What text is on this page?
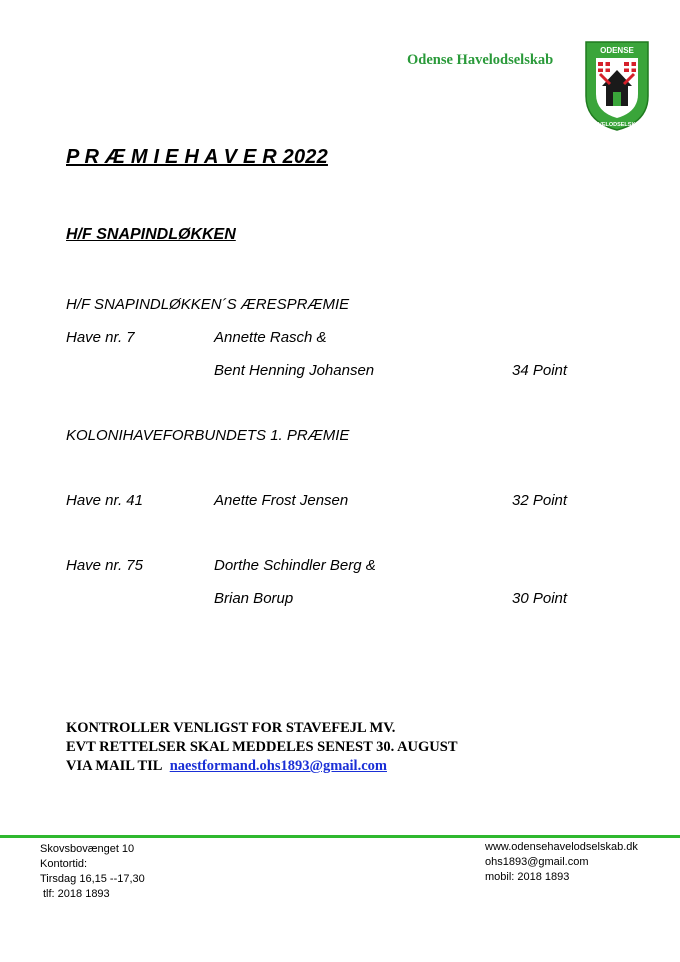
Odense Havelodselskab
ODENSE
HAVELODSELSKAB
P R Æ M I E H A V E R 2022
H/F SNAPINDLØKKEN
H/F SNAPINDLØKKEN´S ÆRESPRÆMIE
Have nr. 7	Annette Rasch &
Bent Henning Johansen	34 Point
KOLONIHAVEFORBUNDETS 1. PRÆMIE
Have nr. 41	Anette Frost Jensen	32 Point
Have nr. 75	Dorthe Schindler Berg &
Brian Borup	30 Point
KONTROLLER VENLIGST FOR STAVEFEJL MV.
EVT RETTELSER SKAL MEDDELES SENEST 30. AUGUST
VIA MAIL TIL naestformand.ohs1893@gmail.com
Skovsbovænget 10
Kontortid:
Tirsdag 16,15 --17,30
tlf: 2018 1893
www.odensehavelodselskab.dk
ohs1893@gmail.com
mobil: 2018 1893
